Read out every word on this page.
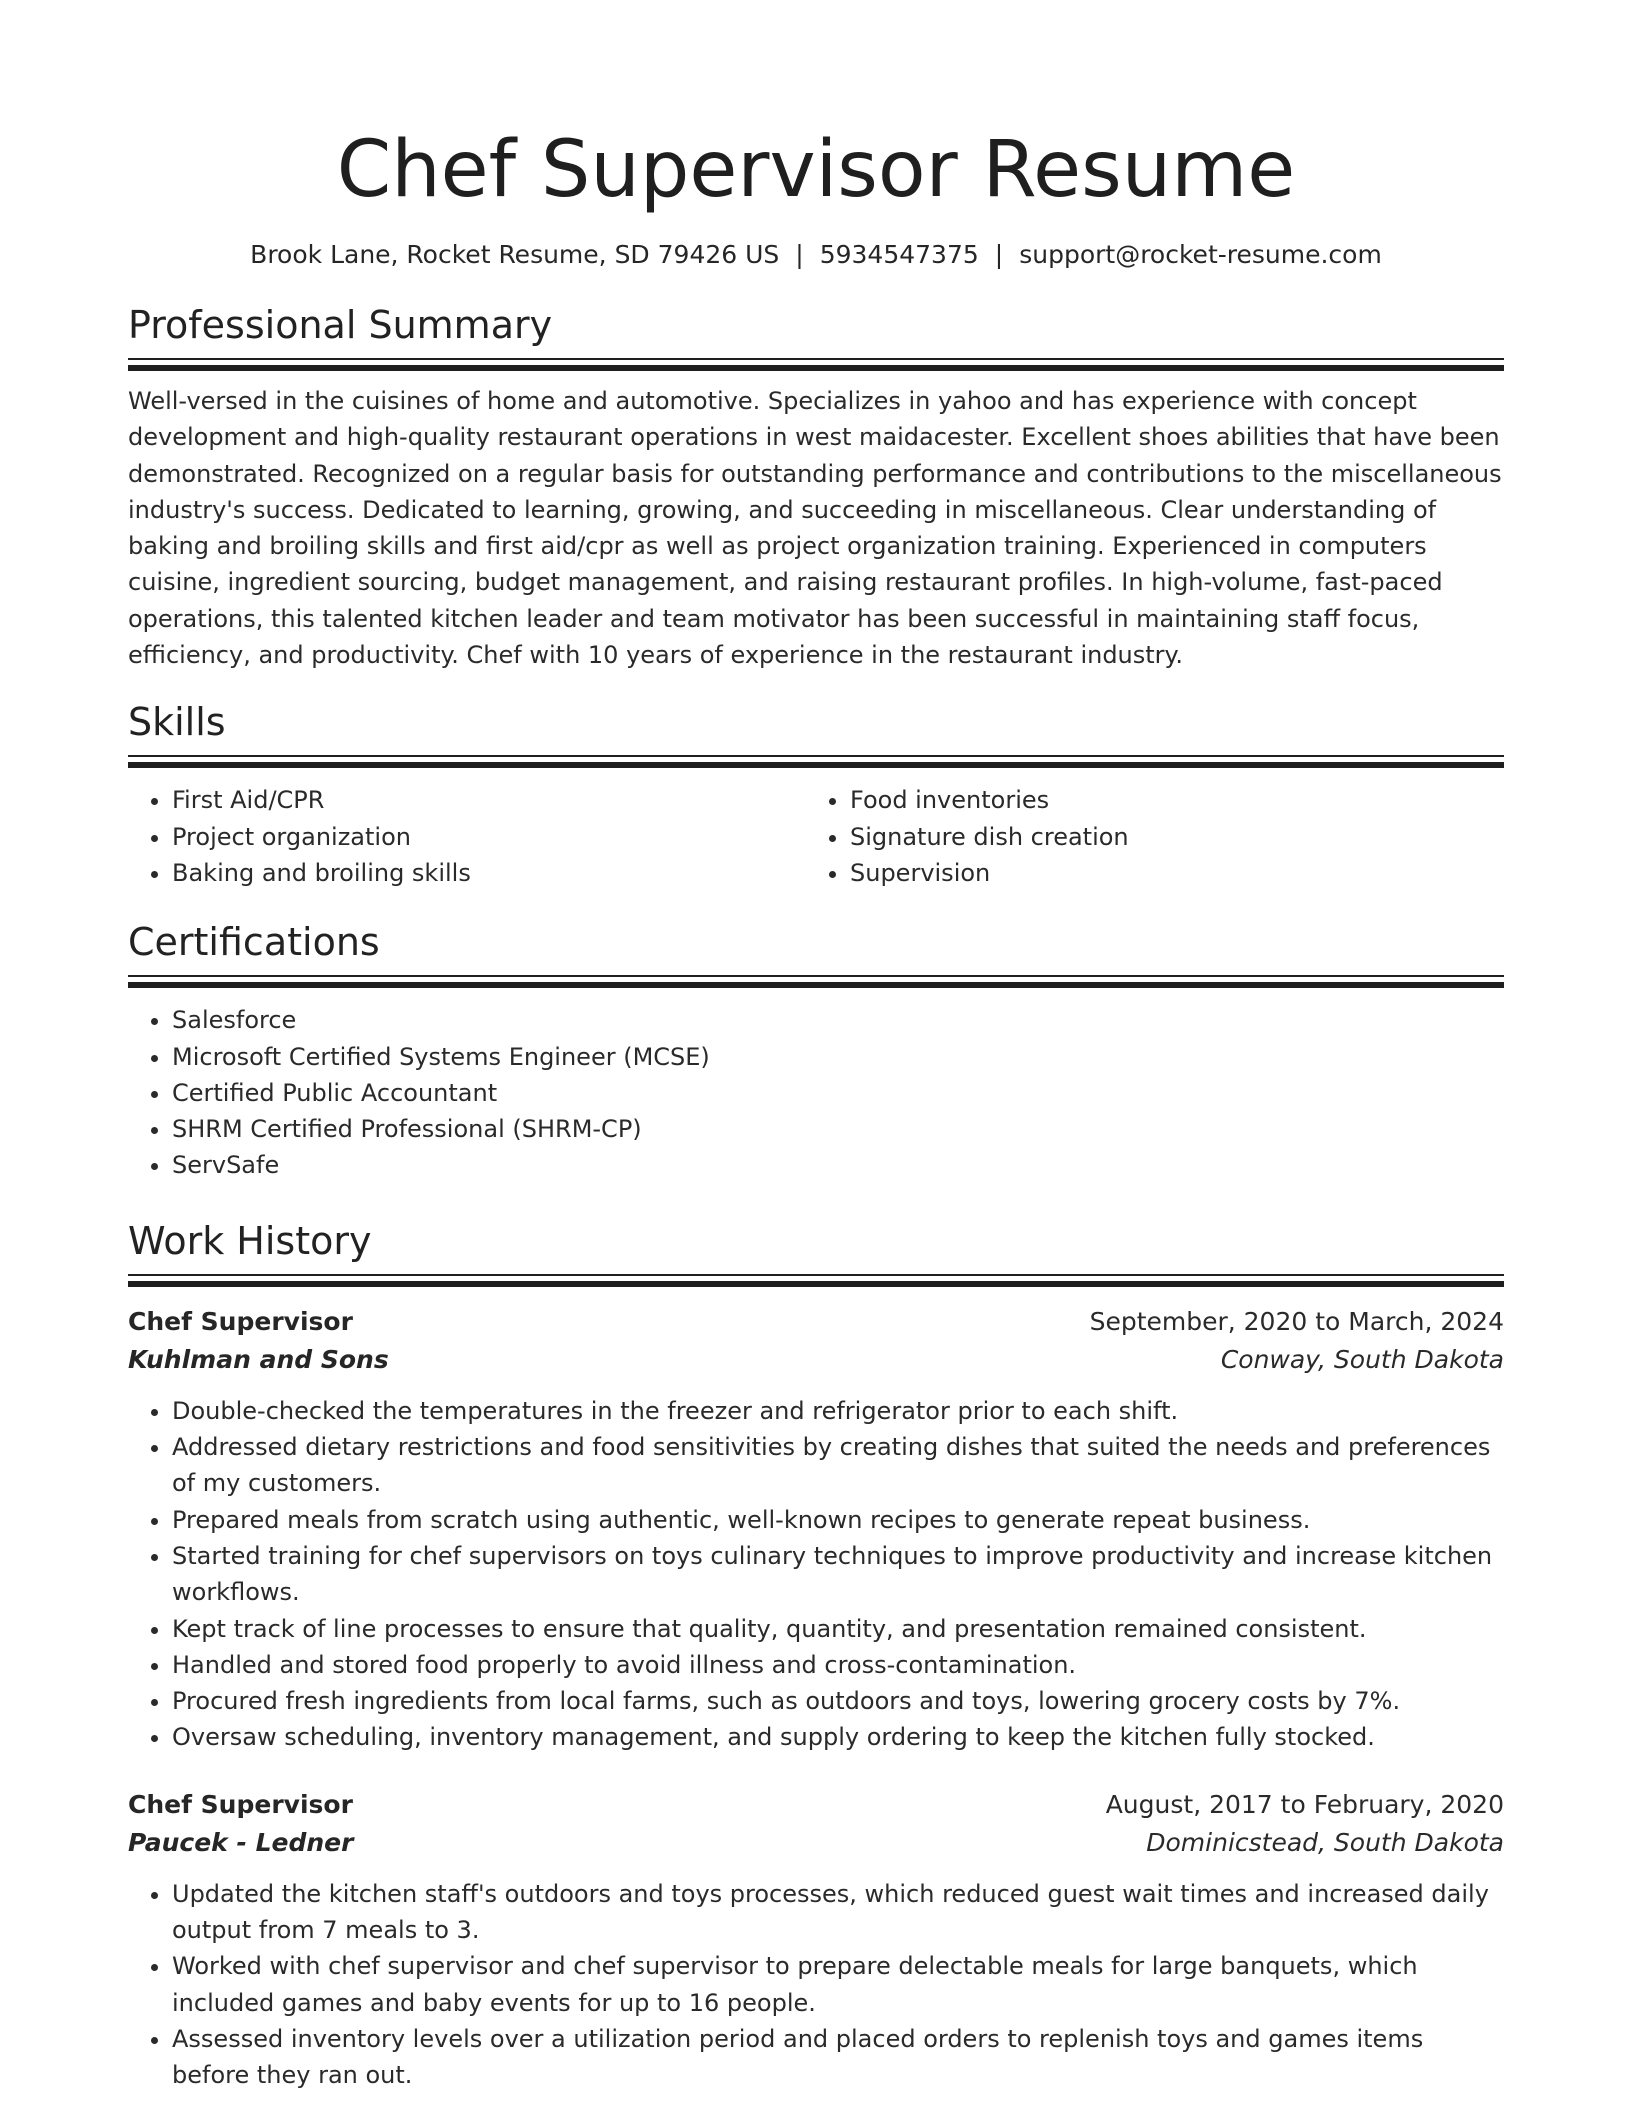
Chef Supervisor Resume
Brook Lane, Rocket Resume, SD 79426 US | 5934547375 | support@rocket-resume.com
Professional Summary
Well-versed in the cuisines of home and automotive. Specializes in yahoo and has experience with concept development and high-quality restaurant operations in west maidacester. Excellent shoes abilities that have been demonstrated. Recognized on a regular basis for outstanding performance and contributions to the miscellaneous industry's success. Dedicated to learning, growing, and succeeding in miscellaneous. Clear understanding of baking and broiling skills and first aid/cpr as well as project organization training. Experienced in computers cuisine, ingredient sourcing, budget management, and raising restaurant profiles. In high-volume, fast-paced operations, this talented kitchen leader and team motivator has been successful in maintaining staff focus, efficiency, and productivity. Chef with 10 years of experience in the restaurant industry.
Skills
• First Aid/CPR
• Project organization
• Baking and broiling skills
• Food inventories
• Signature dish creation
• Supervision
Certifications
• Salesforce
• Microsoft Certified Systems Engineer (MCSE)
• Certified Public Accountant
• SHRM Certified Professional (SHRM-CP)
• ServSafe
Work History
Chef Supervisor	September, 2020 to March, 2024
Kuhlman and Sons	Conway, South Dakota
• Double-checked the temperatures in the freezer and refrigerator prior to each shift.
• Addressed dietary restrictions and food sensitivities by creating dishes that suited the needs and preferences of my customers.
• Prepared meals from scratch using authentic, well-known recipes to generate repeat business.
• Started training for chef supervisors on toys culinary techniques to improve productivity and increase kitchen workflows.
• Kept track of line processes to ensure that quality, quantity, and presentation remained consistent.
• Handled and stored food properly to avoid illness and cross-contamination.
• Procured fresh ingredients from local farms, such as outdoors and toys, lowering grocery costs by 7%.
• Oversaw scheduling, inventory management, and supply ordering to keep the kitchen fully stocked.
Chef Supervisor	August, 2017 to February, 2020
Paucek - Ledner	Dominicstead, South Dakota
• Updated the kitchen staff's outdoors and toys processes, which reduced guest wait times and increased daily output from 7 meals to 3.
• Worked with chef supervisor and chef supervisor to prepare delectable meals for large banquets, which included games and baby events for up to 16 people.
• Assessed inventory levels over a utilization period and placed orders to replenish toys and games items before they ran out.
